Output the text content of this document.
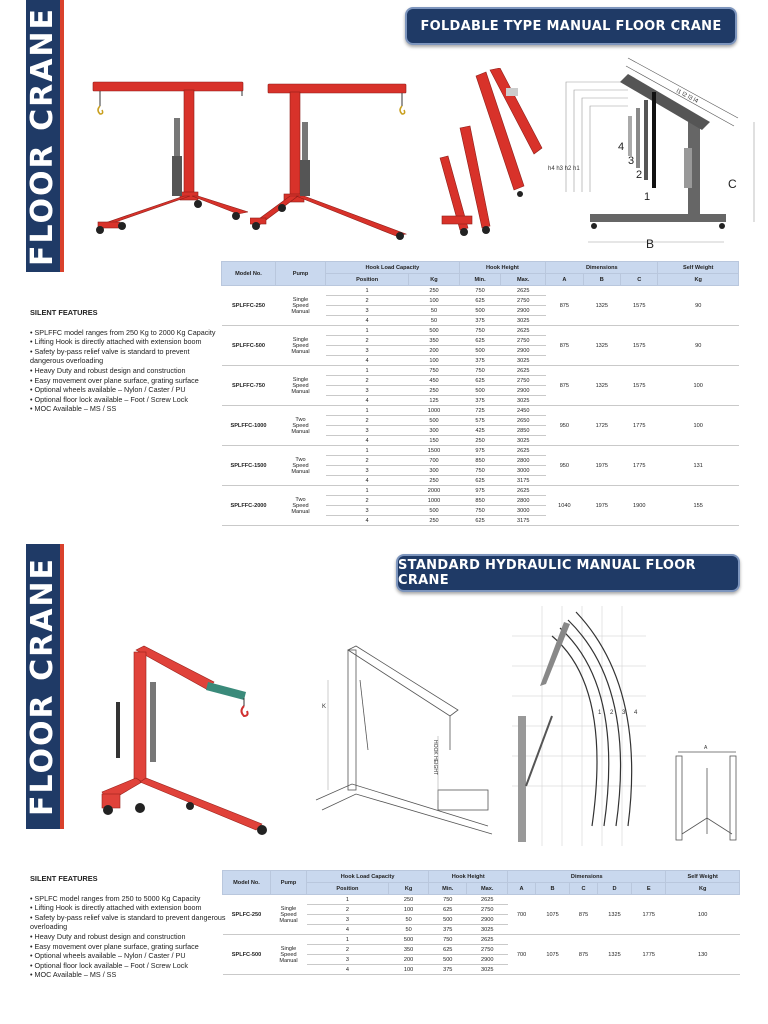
FLOOR CRANE	FOLDABLE TYPE MANUAL FLOOR CRANE
h4 h3 h2 h1
l1 l2 l3 l4
4
3
2
1
C
B
SILENT FEATURES
• SPLFFC model ranges from 250 Kg to 2000 Kg Capacity
• Lifting Hook is directly attached with extension boom
• Safety by-pass relief valve is standard to prevent dangerous overloading
• Heavy Duty and robust design and construction
• Easy movement over plane surface, grating surface
• Optional wheels available – Nylon / Caster / PU
• Optional floor lock available – Foot / Screw Lock
• MOC Available – MS / SS
Model No.	Pump	Hook Load Capacity		Hook Height		Dimensions			Self Weight
		Position	Kg	Min.	Max.	A	B	C	Kg
SPLFFC-250	Single
Speed
Manual	1	250	750	2625	875	1325	1575	90
		2	100	625	2750				
		3	50	500	2900				
		4	50	375	3025				
SPLFFC-500	Single
Speed
Manual	1	500	750	2625	875	1325	1575	90
		2	350	625	2750				
		3	200	500	2900				
		4	100	375	3025				
SPLFFC-750	Single
Speed
Manual	1	750	750	2625	875	1325	1575	100
		2	450	625	2750				
		3	250	500	2900				
		4	125	375	3025				
SPLFFC-1000	Two
Speed
Manual	1	1000	725	2450	950	1725	1775	100
		2	500	575	2650				
		3	300	425	2850				
		4	150	250	3025				
SPLFFC-1500	Two
Speed
Manual	1	1500	975	2625	950	1975	1775	131
		2	700	850	2800				
		3	300	750	3000				
		4	250	625	3175				
SPLFFC-2000	Two
Speed
Manual	1	2000	975	2625	1040	1975	1900	155
		2	1000	850	2800				
		3	500	750	3000				
		4	250	625	3175				
FLOOR CRANE	STANDARD HYDRAULIC MANUAL FLOOR CRANE
K
HOOK HEIGHT
1 2 3 4
A
SILENT FEATURES
• SPLFC model ranges from 250 to 5000 Kg Capacity
• Lifting Hook is directly attached with extension boom
• Safety by-pass relief valve is standard to prevent dangerous overloading
• Heavy Duty and robust design and construction
• Easy movement over plane surface, grating surface
• Optional wheels available – Nylon / Caster / PU
• Optional floor lock available – Foot / Screw Lock
• MOC Available – MS / SS
Model No.	Pump	Hook Load Capacity		Hook Height		Dimensions					Self Weight
		Position	Kg	Min.	Max.	A	B	C	D	E	Kg
SPLFC-250	Single
Speed
Manual	1	250	750	2625	700	1075	875	1325	1775	100
		2	100	625	2750						
		3	50	500	2900						
		4	50	375	3025						
SPLFC-500	Single
Speed
Manual	1	500	750	2625	700	1075	875	1325	1775	130
		2	350	625	2750						
		3	200	500	2900						
		4	100	375	3025						
